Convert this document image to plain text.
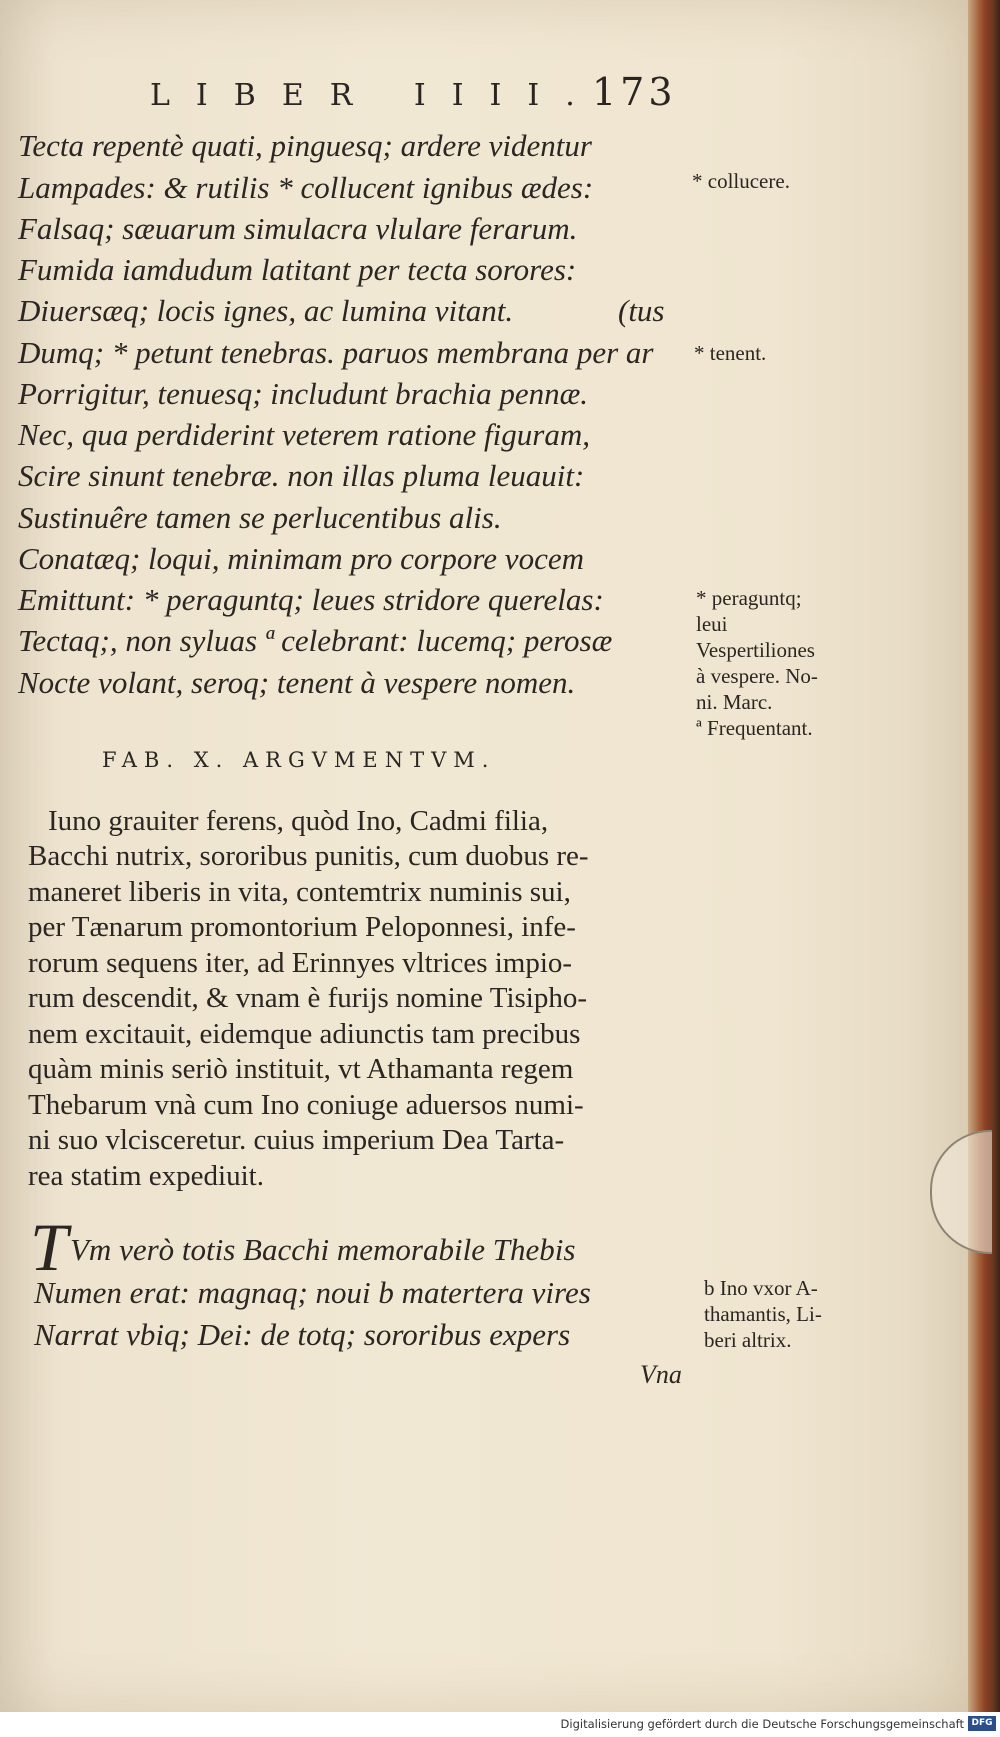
LIBER IIII.
173
Tecta repentè quati, pinguesq; ardere videntur
Lampades: & rutilis * collucent ignibus ædes:
Falsaq; sæuarum simulacra vlulare ferarum.
Fumida iamdudum latitant per tecta sorores:
Diuersæq; locis ignes, ac lumina vitant.
Dumq; * petunt tenebras. paruos membrana per ar
Porrigitur, tenuesq; includunt brachia pennæ.
Nec, qua perdiderint veterem ratione figuram,
Scire sinunt tenebræ. non illas pluma leuauit:
Sustinuêre tamen se perlucentibus alis.
Conatæq; loqui, minimam pro corpore vocem
Emittunt: * peraguntq; leues stridore querelas:
Tectaq;, non syluas ª celebrant: lucemq; perosæ
Nocte volant, seroq; tenent à vespere nomen.
(tus
* collucere.
* tenent.
* peraguntq;
leui
Vespertiliones
à vespere. No-
ni. Marc.
ª Frequentant.
FAB. X. ARGVMENTVM.
Iuno grauiter ferens, quòd Ino, Cadmi filia,
Bacchi nutrix, sororibus punitis, cum duobus re-
maneret liberis in vita, contemtrix numinis sui,
per Tænarum promontorium Peloponnesi, infe-
rorum sequens iter, ad Erinnyes vltrices impio-
rum descendit, & vnam è furijs nomine Tisipho-
nem excitauit, eidemque adiunctis tam precibus
quàm minis seriò instituit, vt Athamanta regem
Thebarum vnà cum Ino coniuge aduersos numi-
ni suo vlcisceretur. cuius imperium Dea Tarta-
rea statim expediuit.
T Vm verò totis Bacchi memorabile Thebis
Numen erat: magnaq; noui b matertera vires
Narrat vbiq; Dei: de totq; sororibus expers
Vna
b Ino vxor A-
thamantis, Li-
beri altrix.
Digitalisierung gefördert durch die Deutsche Forschungsgemeinschaft DFG
